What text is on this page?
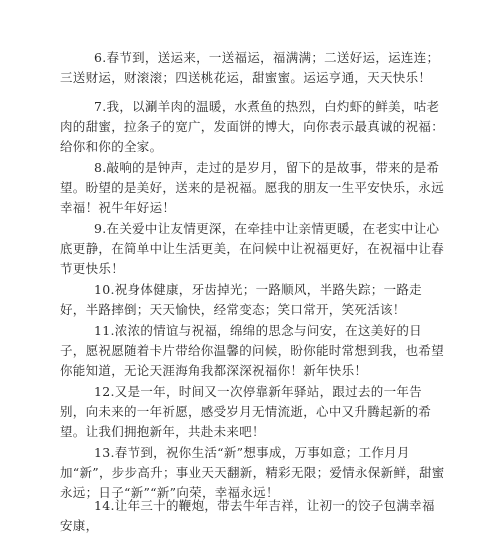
6.春节到，送运来，一送福运，福满满；二送好运，运连连；三送财运，财滚滚；四送桃花运，甜蜜蜜。运运亨通，天天快乐！

7.我，以涮羊肉的温暖，水煮鱼的热烈，白灼虾的鲜美，咕老肉的甜蜜，拉条子的宽广，发面饼的博大，向你表示最真诚的祝福：给你和你的全家。

8.敲响的是钟声，走过的是岁月，留下的是故事，带来的是希望。盼望的是美好，送来的是祝福。愿我的朋友一生平安快乐，永远幸福！祝牛年好运！

9.在关爱中让友情更深，在牵挂中让亲情更暖，在老实中让心底更静，在简单中让生活更美，在问候中让祝福更好，在祝福中让春节更快乐！

10.祝身体健康，牙齿掉光；一路顺风，半路失踪；一路走好，半路摔倒；天天愉快，经常变态；笑口常开，笑死活该！

11.浓浓的情谊与祝福，绵绵的思念与问安，在这美好的日子，愿祝愿随着卡片带给你温馨的问候，盼你能时常想到我，也希望你能知道，无论天涯海角我都深深祝福你！新年快乐！

12.又是一年，时间又一次停靠新年驿站，跟过去的一年告别，向未来的一年祈愿，感受岁月无情流逝，心中又升腾起新的希望。让我们拥抱新年，共赴未来吧！

13.春节到，祝你生活“新”想事成，万事如意；工作月月加“新”，步步高升；事业天天翻新，精彩无限；爱情永保新鲜，甜蜜永远；日子“新”“新”向荣，幸福永远！

14.让年三十的鞭炮，带去牛年吉祥，让初一的饺子包满幸福安康，
